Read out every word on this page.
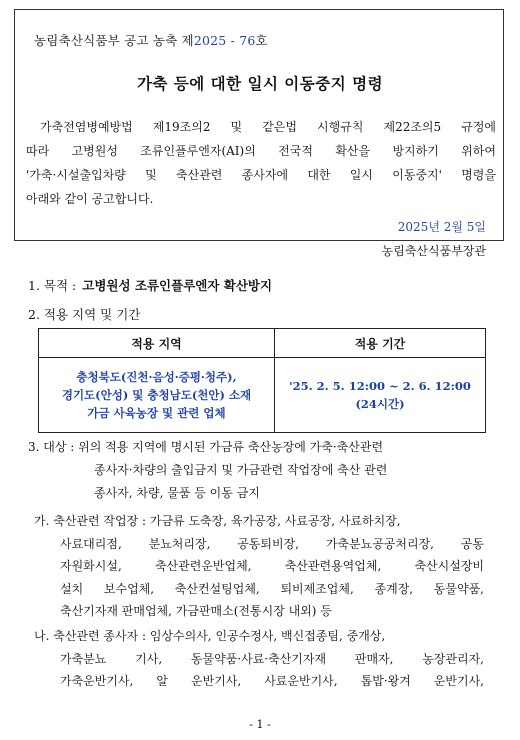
농림축산식품부 공고 농축 제2025 - 76호
가축 등에 대한 일시 이동중지 명령
가축전염병예방법 제19조의2 및 같은법 시행규칙 제22조의5 규정에
따라 고병원성 조류인플루엔자(AI)의 전국적 확산을 방지하기 위하여
'가축·시설출입차량 및 축산관련 종사자에 대한 일시 이동중지' 명령을
아래와 같이 공고합니다.
2025년 2월 5일
농림축산식품부장관
1. 목적 : 고병원성 조류인플루엔자 확산방지
2. 적용 지역 및 기간
적용 지역	적용 기간
충청북도(진천·음성·증평·청주),
경기도(안성) 및 충청남도(천안) 소재
가금 사육농장 및 관련 업체	'25. 2. 5. 12:00 ~ 2. 6. 12:00
(24시간)
3. 대상 : 위의 적용 지역에 명시된 가금류 축산농장에 가축·축산관련
종사자·차량의 출입금지 및 가금관련 작업장에 축산 관련
종사자, 차량, 물품 등 이동 금지
가. 축산관련 작업장 : 가금류 도축장, 육가공장, 사료공장, 사료하치장,
사료대리점, 분뇨처리장, 공동퇴비장, 가축분뇨공공처리장, 공동
자원화시설, 축산관련운반업체, 축산관련용역업체, 축산시설장비
설치 보수업체, 축산컨설팅업체, 퇴비제조업체, 종계장, 동물약품,
축산기자재 판매업체, 가금판매소(전통시장 내외) 등
나. 축산관련 종사자 : 임상수의사, 인공수정사, 백신접종팀, 중개상,
가축분뇨 기사, 동물약품·사료·축산기자재 판매자, 농장관리자,
가축운반기사, 알 운반기사, 사료운반기사, 톱밥·왕겨 운반기사,
- 1 -
